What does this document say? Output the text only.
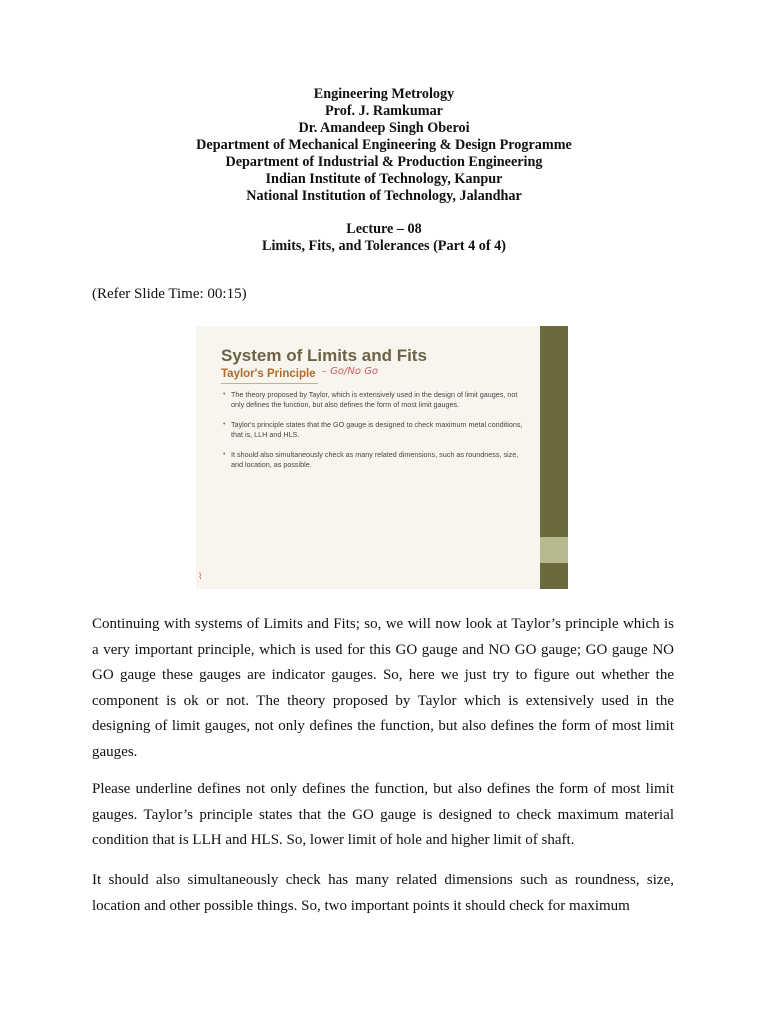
Engineering Metrology
Prof. J. Ramkumar
Dr. Amandeep Singh Oberoi
Department of Mechanical Engineering & Design Programme
Department of Industrial & Production Engineering
Indian Institute of Technology, Kanpur
National Institution of Technology, Jalandhar
Lecture – 08
Limits, Fits, and Tolerances (Part 4 of 4)
(Refer Slide Time: 00:15)
System of Limits and Fits
Taylor's Principle – Go/No Go
• The theory proposed by Taylor, which is extensively used in the design of limit gauges, not only defines the function, but also defines the form of most limit gauges.
• Taylor's principle states that the GO gauge is designed to check maximum metal conditions, that is, LLH and HLS.
• It should also simultaneously check as many related dimensions, such as roundness, size, and location, as possible.
⌇

Continuing with systems of Limits and Fits; so, we will now look at Taylor’s principle which is a very important principle, which is used for this GO gauge and NO GO gauge; GO gauge NO GO gauge these gauges are indicator gauges. So, here we just try to figure out whether the component is ok or not. The theory proposed by Taylor which is extensively used in the designing of limit gauges, not only defines the function, but also defines the form of most limit gauges.

Please underline defines not only defines the function, but also defines the form of most limit gauges. Taylor’s principle states that the GO gauge is designed to check maximum material condition that is LLH and HLS. So, lower limit of hole and higher limit of shaft.

It should also simultaneously check has many related dimensions such as roundness, size, location and other possible things. So, two important points it should check for maximum
